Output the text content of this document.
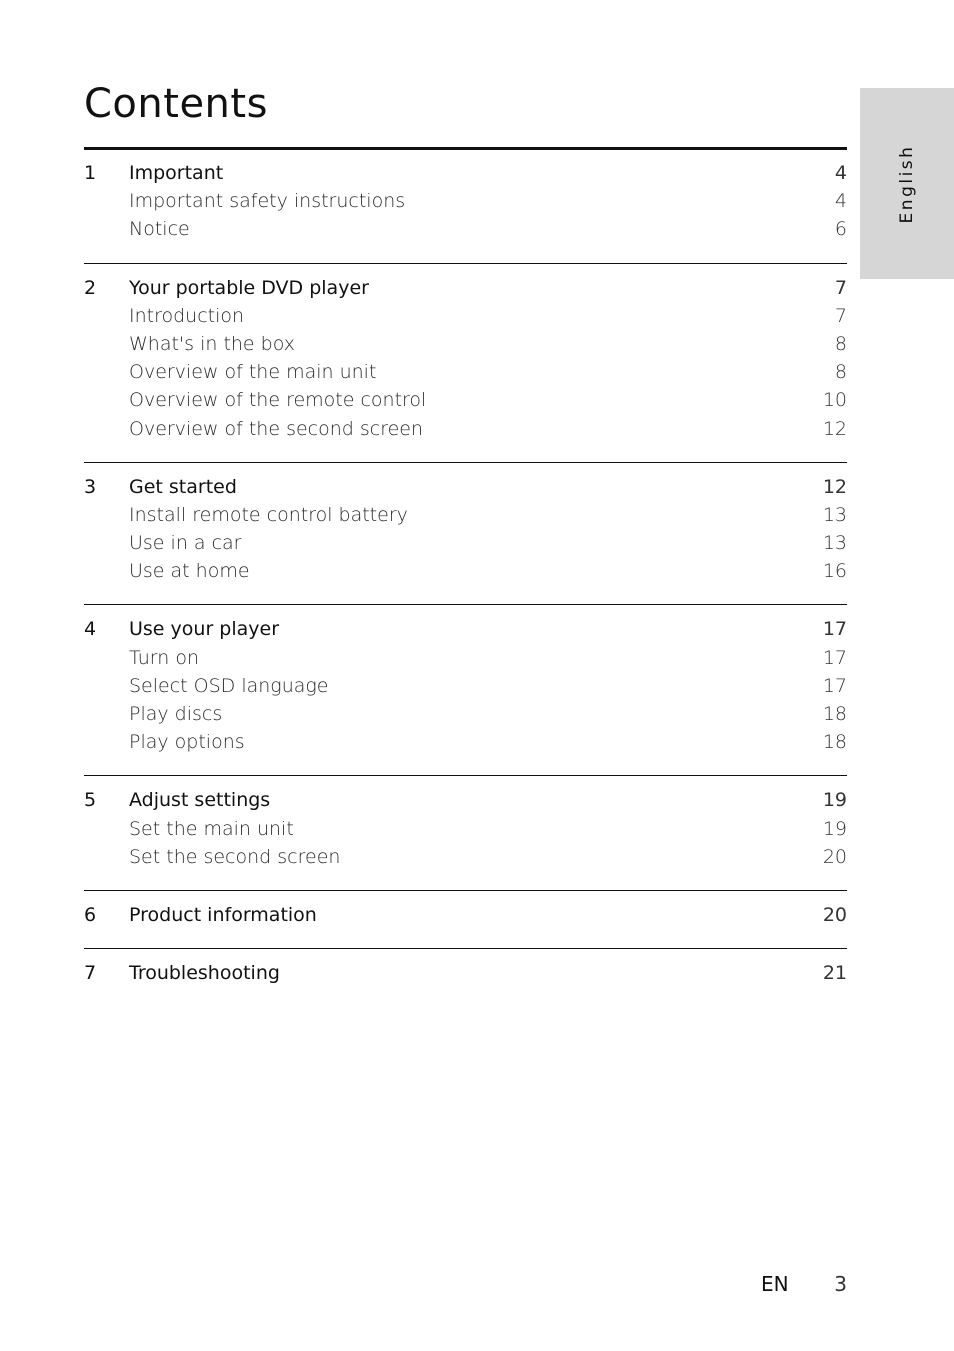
Contents
English
1	Important	4
Important safety instructions	4
Notice	6
2	Your portable DVD player	7
Introduction	7
What's in the box	8
Overview of the main unit	8
Overview of the remote control	10
Overview of the second screen	12
3	Get started	12
Install remote control battery	13
Use in a car	13
Use at home	16
4	Use your player	17
Turn on	17
Select OSD language	17
Play discs	18
Play options	18
5	Adjust settings	19
Set the main unit	19
Set the second screen	20
6	Product information	20
7	Troubleshooting	21
EN 3
